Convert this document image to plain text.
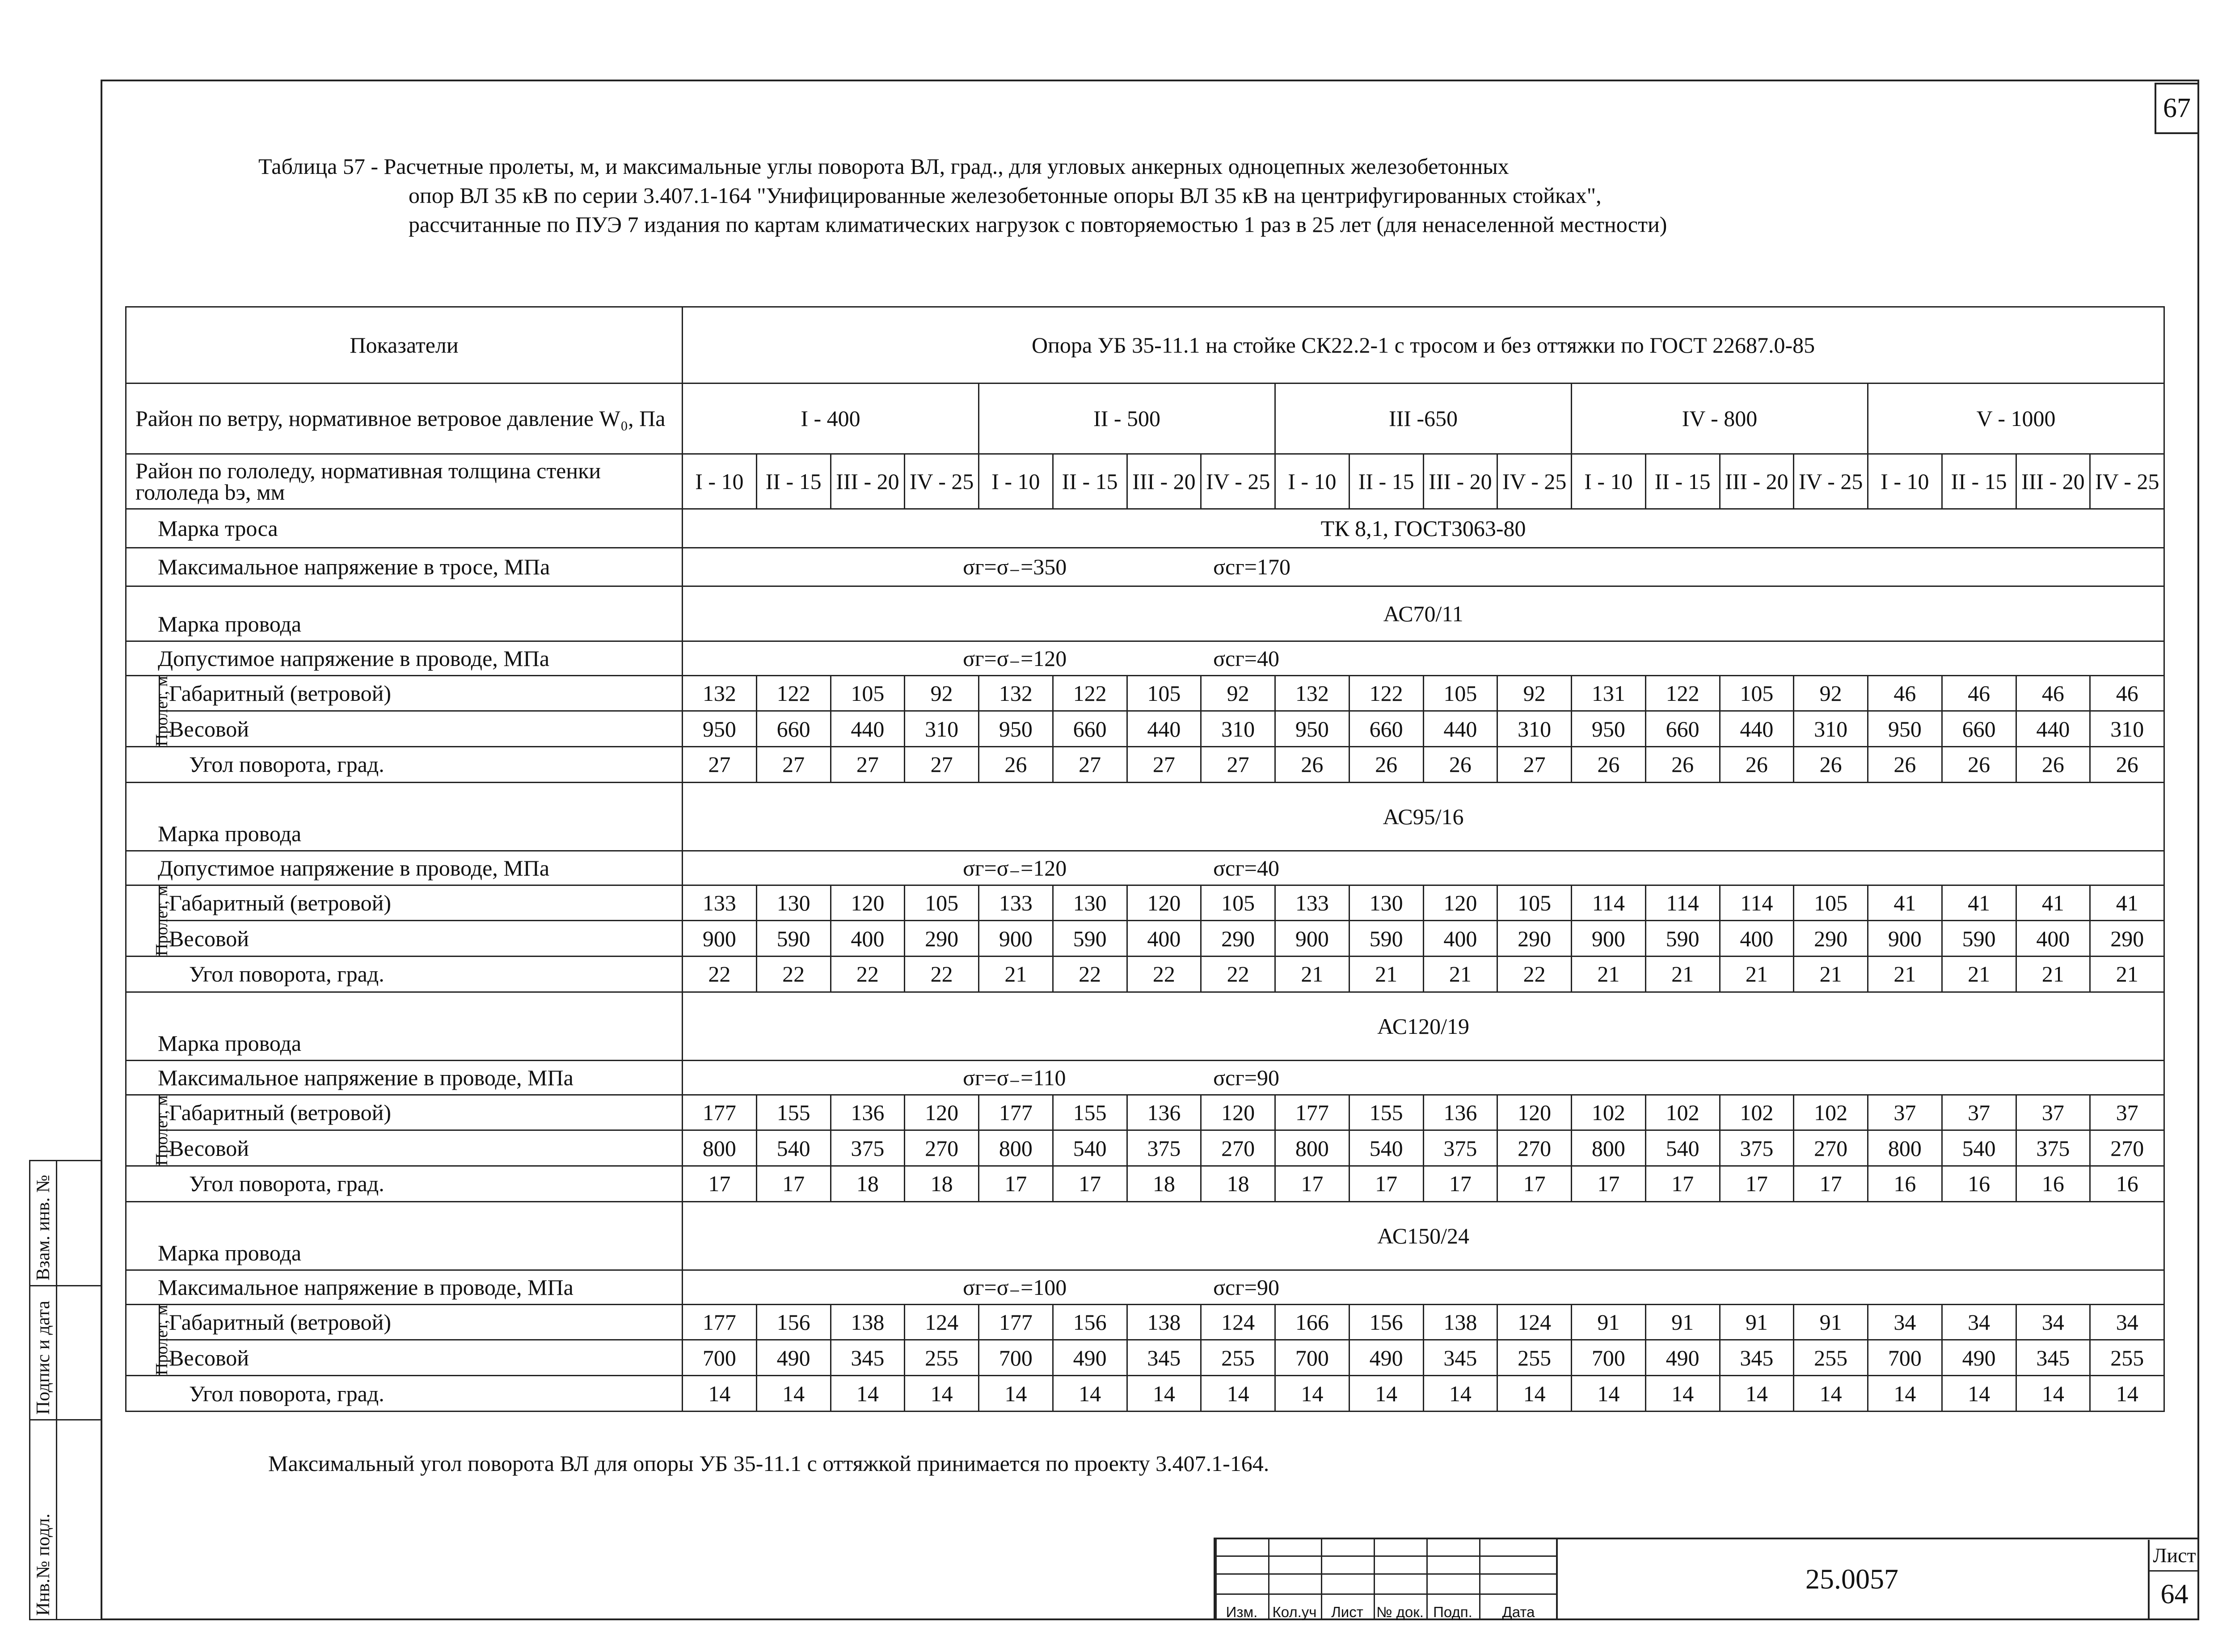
67
Таблица 57 - Расчетные пролеты, м, и максимальные углы поворота ВЛ, град., для угловых анкерных одноцепных железобетонных
опор ВЛ 35 кВ по серии 3.407.1-164 "Унифицированные железобетонные опоры ВЛ 35 кВ на центрифугированных стойках",
рассчитанные по ПУЭ 7 издания по картам климатических нагрузок с повторяемостью 1 раз в 25 лет (для ненаселенной местности)
Показатели		Опора УБ 35-11.1 на стойке СК22.2-1 с тросом и без оттяжки по ГОСТ 22687.0-85																			
Район по ветру, нормативное ветровое давление W₀, Па		I - 400				II - 500				III -650				IV - 800				V - 1000			
Район по гололеду, нормативная толщина стенки гололеда bэ, мм		I - 10	II - 15	III - 20	IV - 25	I - 10	II - 15	III - 20	IV - 25	I - 10	II - 15	III - 20	IV - 25	I - 10	II - 15	III - 20	IV - 25	I - 10	II - 15	III - 20	IV - 25
Марка троса		ТК 8,1, ГОСТ3063-80																			
Максимальное напряжение в тросе, МПа		σг=σ₋=350 σсг=170																			
Марка провода		АС70/11																			
Допустимое напряжение в проводе, МПа		σг=σ₋=120 σсг=40																			
Пролет, м	Габаритный (ветровой)	132	122	105	92	132	122	105	92	132	122	105	92	131	122	105	92	46	46	46	46
	Весовой	950	660	440	310	950	660	440	310	950	660	440	310	950	660	440	310	950	660	440	310
Угол поворота, град.		27	27	27	27	26	27	27	27	26	26	26	27	26	26	26	26	26	26	26	26
Марка провода		АС95/16																			
Допустимое напряжение в проводе, МПа		σг=σ₋=120 σсг=40																			
Пролет, м	Габаритный (ветровой)	133	130	120	105	133	130	120	105	133	130	120	105	114	114	114	105	41	41	41	41
	Весовой	900	590	400	290	900	590	400	290	900	590	400	290	900	590	400	290	900	590	400	290
Угол поворота, град.		22	22	22	22	21	22	22	22	21	21	21	22	21	21	21	21	21	21	21	21
Марка провода		АС120/19																			
Максимальное напряжение в проводе, МПа		σг=σ₋=110 σсг=90																			
Пролет, м	Габаритный (ветровой)	177	155	136	120	177	155	136	120	177	155	136	120	102	102	102	102	37	37	37	37
	Весовой	800	540	375	270	800	540	375	270	800	540	375	270	800	540	375	270	800	540	375	270
Угол поворота, град.		17	17	18	18	17	17	18	18	17	17	17	17	17	17	17	17	16	16	16	16
Марка провода		АС150/24																			
Максимальное напряжение в проводе, МПа		σг=σ₋=100 σсг=90																			
Пролет, м	Габаритный (ветровой)	177	156	138	124	177	156	138	124	166	156	138	124	91	91	91	91	34	34	34	34
	Весовой	700	490	345	255	700	490	345	255	700	490	345	255	700	490	345	255	700	490	345	255
Угол поворота, град.		14	14	14	14	14	14	14	14	14	14	14	14	14	14	14	14	14	14	14	14
Максимальный угол поворота ВЛ для опоры УБ 35-11.1 с оттяжкой принимается по проекту 3.407.1-164.
Изм.	Кол.уч Лист № док. Подп.	Дата
25.0057
Лист
64
Инв.№ подл.
Подпис и дата
Взам. инв. №
